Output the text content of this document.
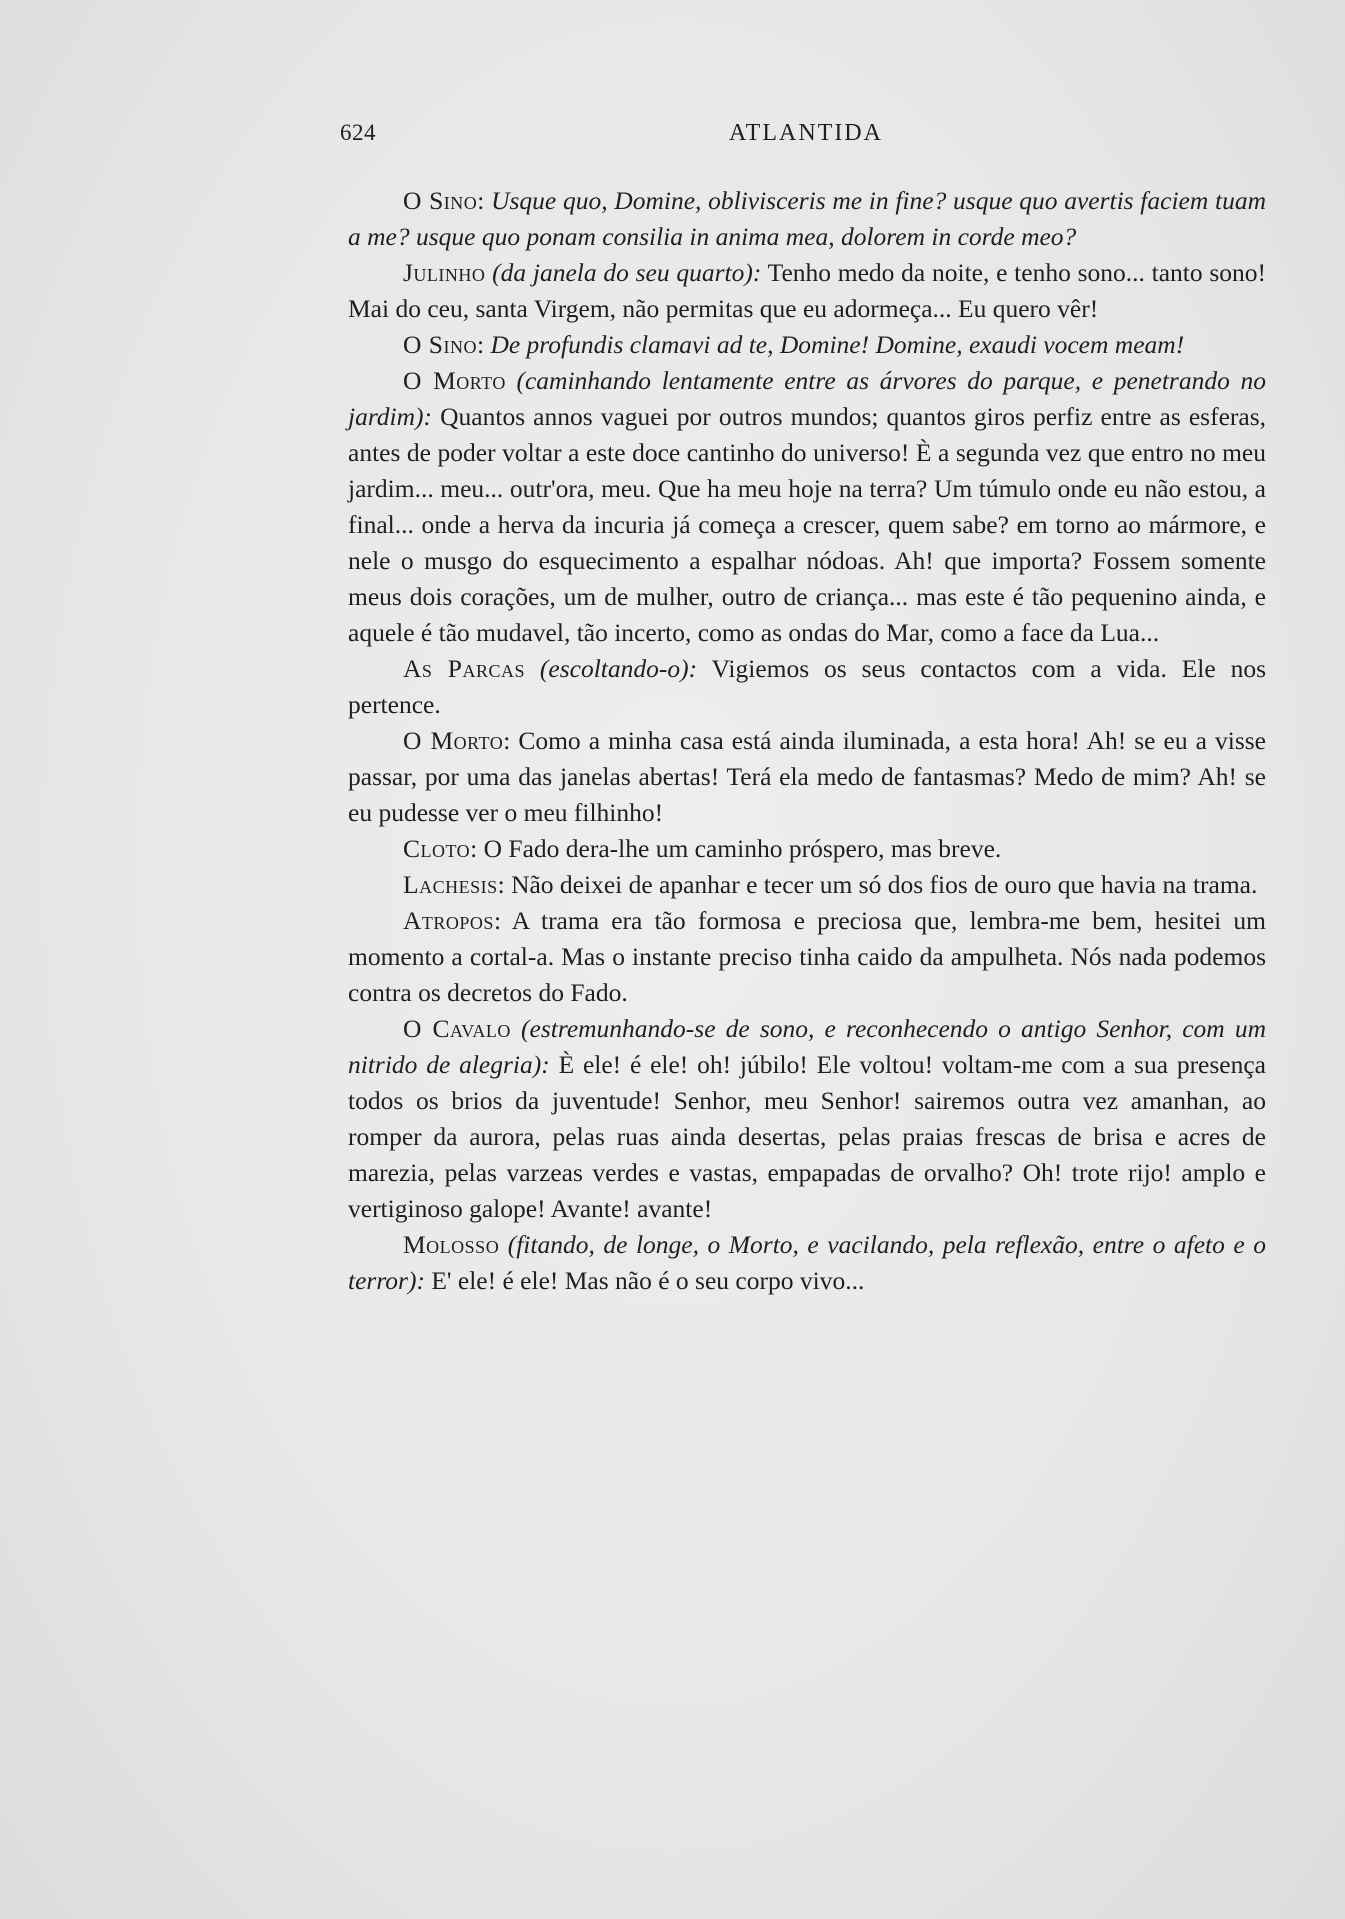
624	ATLANTIDA

O Sino: Usque quo, Domine, oblivisceris me in fine? usque quo avertis faciem tuam a me? usque quo ponam consilia in anima mea, dolorem in corde meo?

Julinho (da janela do seu quarto): Tenho medo da noite, e tenho sono... tanto sono! Mai do ceu, santa Virgem, não permitas que eu adormeça... Eu quero vêr!

O Sino: De profundis clamavi ad te, Domine! Domine, exaudi vocem meam!

O Morto (caminhando lentamente entre as árvores do parque, e penetrando no jardim): Quantos annos vaguei por outros mundos; quantos giros perfiz entre as esferas, antes de poder voltar a este doce cantinho do universo! È a segunda vez que entro no meu jardim... meu... outr'ora, meu. Que ha meu hoje na terra? Um túmulo onde eu não estou, a final... onde a herva da incuria já começa a crescer, quem sabe? em torno ao mármore, e nele o musgo do esquecimento a espalhar nódoas. Ah! que importa? Fossem somente meus dois corações, um de mulher, outro de criança... mas este é tão pequenino ainda, e aquele é tão mudavel, tão incerto, como as ondas do Mar, como a face da Lua...

As Parcas (escoltando-o): Vigiemos os seus contactos com a vida. Ele nos pertence.

O Morto: Como a minha casa está ainda iluminada, a esta hora! Ah! se eu a visse passar, por uma das janelas abertas! Terá ela medo de fantasmas? Medo de mim? Ah! se eu pudesse ver o meu filhinho!

Cloto: O Fado dera-lhe um caminho próspero, mas breve.

Lachesis: Não deixei de apanhar e tecer um só dos fios de ouro que havia na trama.

Atropos: A trama era tão formosa e preciosa que, lembra-me bem, hesitei um momento a cortal-a. Mas o instante preciso tinha caido da ampulheta. Nós nada podemos contra os decretos do Fado.

O Cavalo (estremunhando-se de sono, e reconhecendo o antigo Senhor, com um nitrido de alegria): È ele! é ele! oh! júbilo! Ele voltou! voltam-me com a sua presença todos os brios da juventude! Senhor, meu Senhor! sairemos outra vez amanhan, ao romper da aurora, pelas ruas ainda desertas, pelas praias frescas de brisa e acres de marezia, pelas varzeas verdes e vastas, empapadas de orvalho? Oh! trote rijo! amplo e vertiginoso galope! Avante! avante!

Molosso (fitando, de longe, o Morto, e vacilando, pela reflexão, entre o afeto e o terror): E' ele! é ele! Mas não é o seu corpo vivo...
